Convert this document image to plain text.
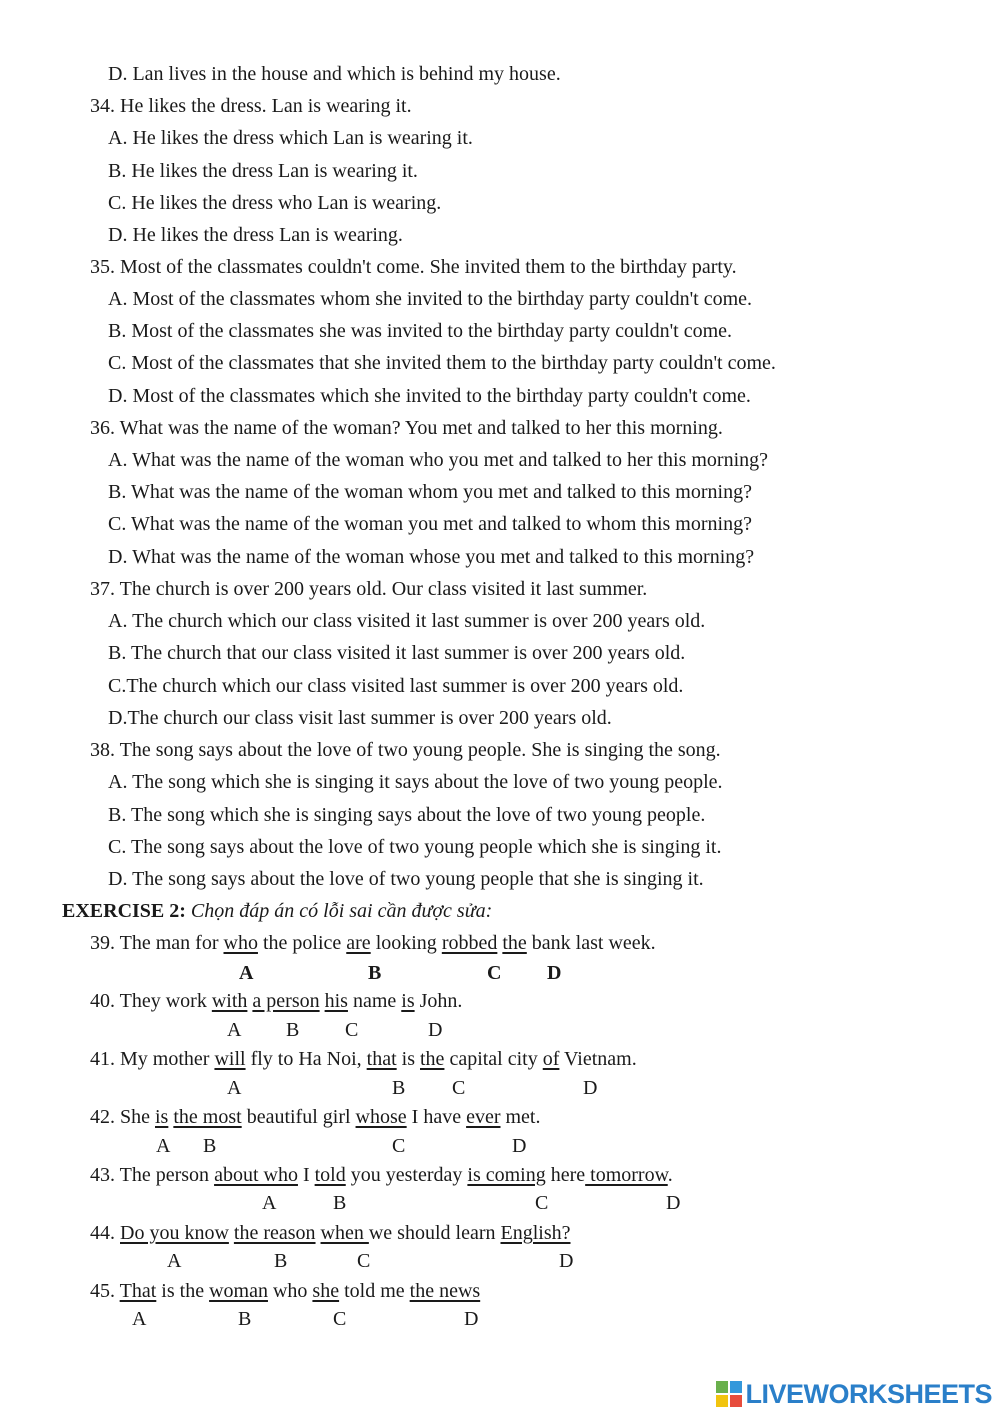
D. Lan lives in the house and which is behind my house.
34. He likes the dress. Lan is wearing it.
A. He likes the dress which Lan is wearing it.
B. He likes the dress Lan is wearing it.
C. He likes the dress who Lan is wearing.
D. He likes the dress Lan is wearing.
35. Most of the classmates couldn't come. She invited them to the birthday party.
A. Most of the classmates whom she invited to the birthday party couldn't come.
B. Most of the classmates she was invited to the birthday party couldn't come.
C. Most of the classmates that she invited them to the birthday party couldn't come.
D. Most of the classmates which she invited to the birthday party couldn't come.
36. What was the name of the woman? You met and talked to her this morning.
A. What was the name of the woman who you met and talked to her this morning?
B. What was the name of the woman whom you met and talked to this morning?
C. What was the name of the woman you met and talked to whom this morning?
D. What was the name of the woman whose you met and talked to this morning?
37. The church is over 200 years old. Our class visited it last summer.
A. The church which our class visited it last summer is over 200 years old.
B. The church that our class visited it last summer is over 200 years old.
C.The church which our class visited last summer is over 200 years old.
D.The church our class visit last summer is over 200 years old.
38. The song says about the love of two young people. She is singing the song.
A. The song which she is singing it says about the love of two young people.
B. The song which she is singing says about the love of two young people.
C. The song says about the love of two young people which she is singing it.
D. The song says about the love of two young people that she is singing it.
EXERCISE 2: Chọn đáp án có lỗi sai cần được sửa:
39. The man for who the police are looking robbed the bank last week.
A	B	C D
40. They work with a person his name is John.
A B C	D
41. My mother will fly to Ha Noi, that is the capital city of Vietnam.
A	B C	D
42. She is the most beautiful girl whose I have ever met.
A B	C	D
43. The person about who I told you yesterday is coming here tomorrow.
A	B	C	D
44. Do you know the reason when we should learn English?
A	B	C	D
45. That is the woman who she told me the news
A	B	C	D
LIVEWORKSHEETS
